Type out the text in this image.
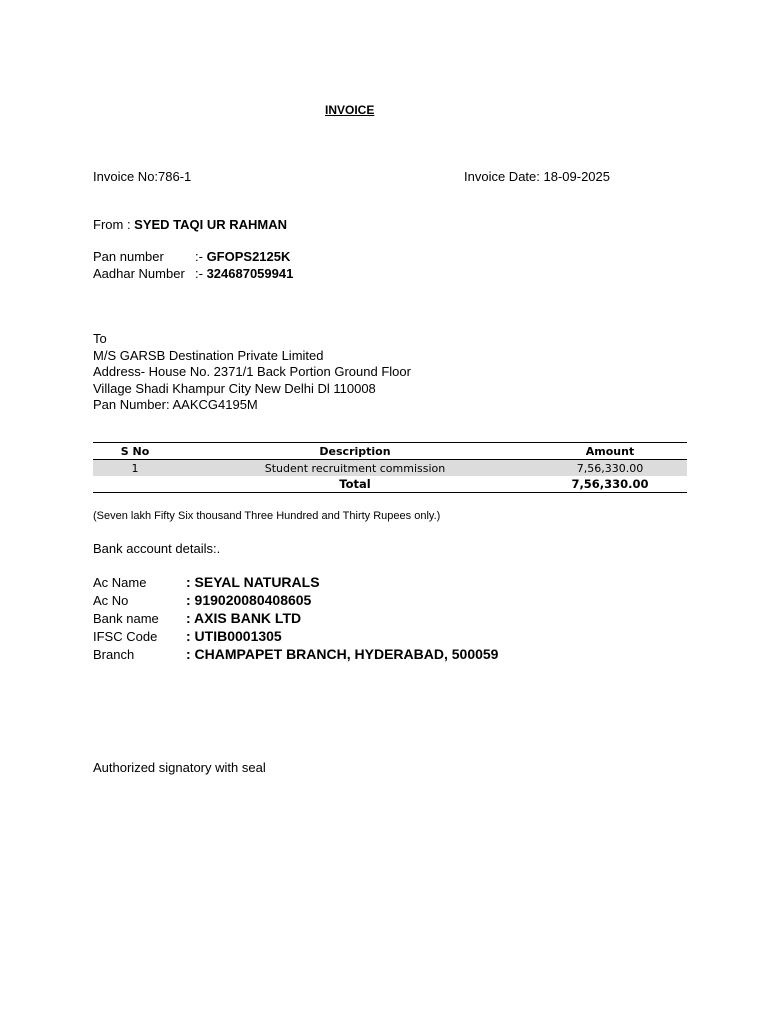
INVOICE
Invoice No:786-1	Invoice Date: 18-09-2025
From : SYED TAQI UR RAHMAN
Pan number :- GFOPS2125K
Aadhar Number :- 324687059941
To
M/S GARSB Destination Private Limited
Address- House No. 2371/1 Back Portion Ground Floor
Village Shadi Khampur City New Delhi Dl 110008
Pan Number: AAKCG4195M
S No	Description	Amount
1	Student recruitment commission	7,56,330.00
	Total	7,56,330.00
(Seven lakh Fifty Six thousand Three Hundred and Thirty Rupees only.)
Bank account details:.
Ac Name	: SEYAL NATURALS
Ac No	: 919020080408605
Bank name : AXIS BANK LTD
IFSC Code : UTIB0001305
Branch	: CHAMPAPET BRANCH, HYDERABAD, 500059
Authorized signatory with seal
